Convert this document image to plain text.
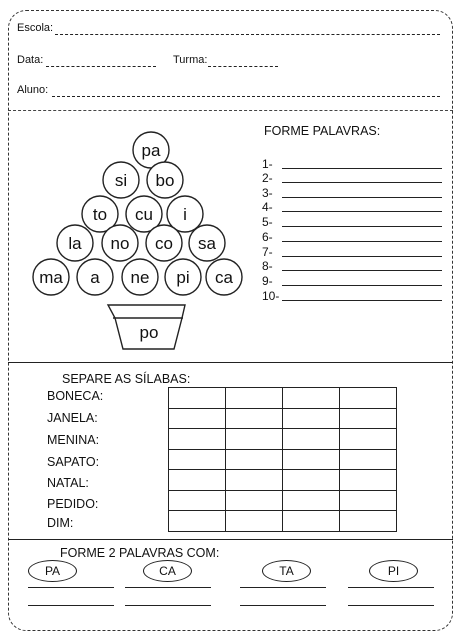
Escola:
Data:	Turma:
Aluno:
pa
si bo
to cu i
la no co sa
ma a ne pi ca
po
FORME PALAVRAS:
1-
2-
3-
4-
5-
6-
7-
8-
9-
10-
SEPARE AS SÍLABAS:
BONECA:
JANELA:
MENINA:
SAPATO:
NATAL:
PEDIDO:
DIM:

FORME 2 PALAVRAS COM:
PA	CA	TA	PI
